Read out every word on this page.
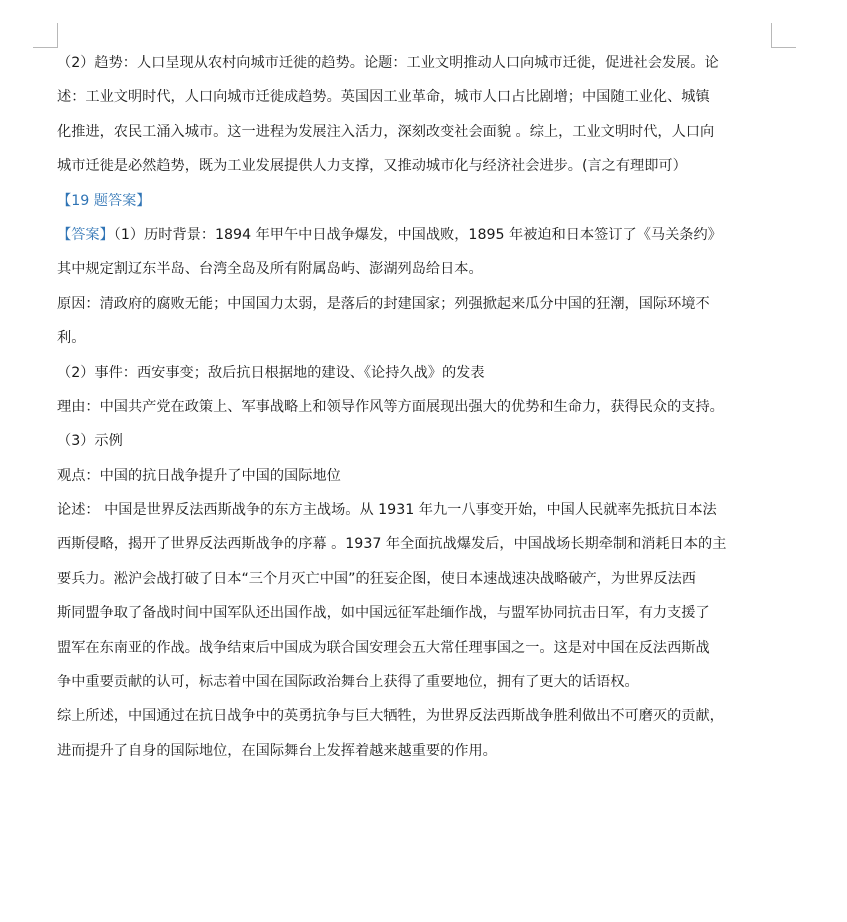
（2）趋势：人口呈现从农村向城市迁徙的趋势。论题：工业文明推动人口向城市迁徙，促进社会发展。论
述：工业文明时代，人口向城市迁徙成趋势。英国因工业革命，城市人口占比剧增；中国随工业化、城镇
化推进，农民工涌入城市。这一进程为发展注入活力，深刻改变社会面貌 。综上，工业文明时代，人口向
城市迁徙是必然趋势，既为工业发展提供人力支撑，又推动城市化与经济社会进步。(言之有理即可）
【19 题答案】
【答案】（1）历时背景：1894 年甲午中日战争爆发，中国战败，1895 年被迫和日本签订了《马关条约》
其中规定割辽东半岛、台湾全岛及所有附属岛屿、澎湖列岛给日本。
原因：清政府的腐败无能；中国国力太弱，是落后的封建国家；列强掀起来瓜分中国的狂潮，国际环境不
利。
（2）事件：西安事变；敌后抗日根据地的建设、《论持久战》的发表
理由：中国共产党在政策上、军事战略上和领导作风等方面展现出强大的优势和生命力，获得民众的支持。
（3）示例
观点：中国的抗日战争提升了中国的国际地位
论述： 中国是世界反法西斯战争的东方主战场。从 1931 年九一八事变开始，中国人民就率先抵抗日本法
西斯侵略，揭开了世界反法西斯战争的序幕 。1937 年全面抗战爆发后，中国战场长期牵制和消耗日本的主
要兵力。淞沪会战打破了日本“三个月灭亡中国”的狂妄企图，使日本速战速决战略破产，为世界反法西
斯同盟争取了备战时间中国军队还出国作战，如中国远征军赴缅作战，与盟军协同抗击日军，有力支援了
盟军在东南亚的作战。战争结束后中国成为联合国安理会五大常任理事国之一。这是对中国在反法西斯战
争中重要贡献的认可，标志着中国在国际政治舞台上获得了重要地位，拥有了更大的话语权。
综上所述，中国通过在抗日战争中的英勇抗争与巨大牺牲，为世界反法西斯战争胜利做出不可磨灭的贡献，
进而提升了自身的国际地位，在国际舞台上发挥着越来越重要的作用。
